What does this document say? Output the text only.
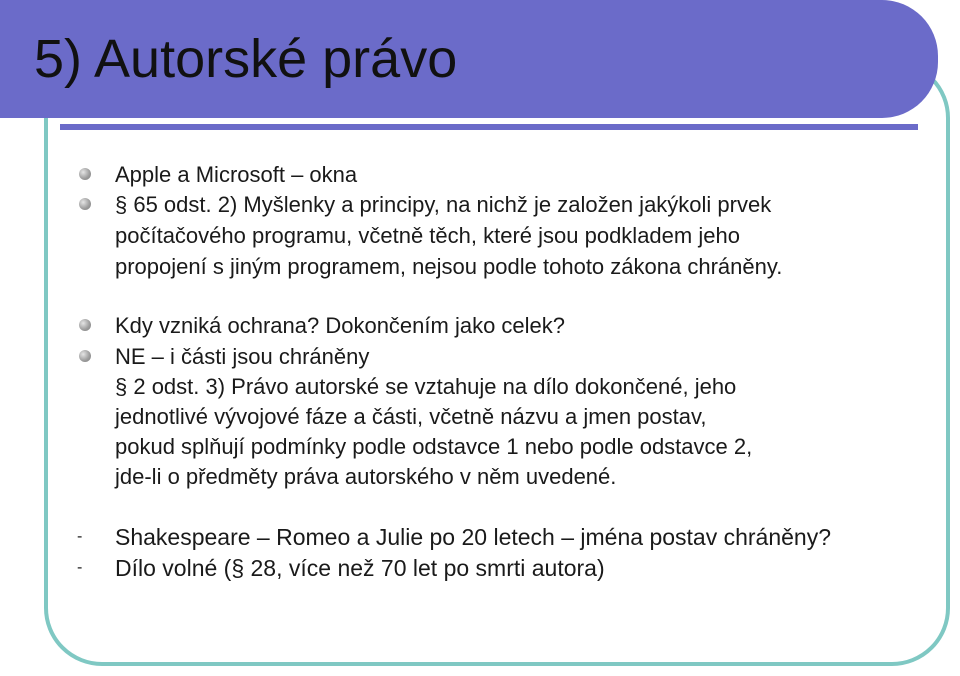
5) Autorské právo
Apple a Microsoft – okna
§ 65 odst. 2) Myšlenky a principy, na nichž je založen jakýkoli prvek
počítačového programu, včetně těch, které jsou podkladem jeho
propojení s jiným programem, nejsou podle tohoto zákona chráněny.
Kdy vzniká ochrana? Dokončením jako celek?
NE – i části jsou chráněny
§ 2 odst. 3) Právo autorské se vztahuje na dílo dokončené, jeho
jednotlivé vývojové fáze a části, včetně názvu a jmen postav,
pokud splňují podmínky podle odstavce 1 nebo podle odstavce 2,
jde-li o předměty práva autorského v něm uvedené.
- Shakespeare – Romeo a Julie po 20 letech – jména postav chráněny?
- Dílo volné (§ 28, více než 70 let po smrti autora)
